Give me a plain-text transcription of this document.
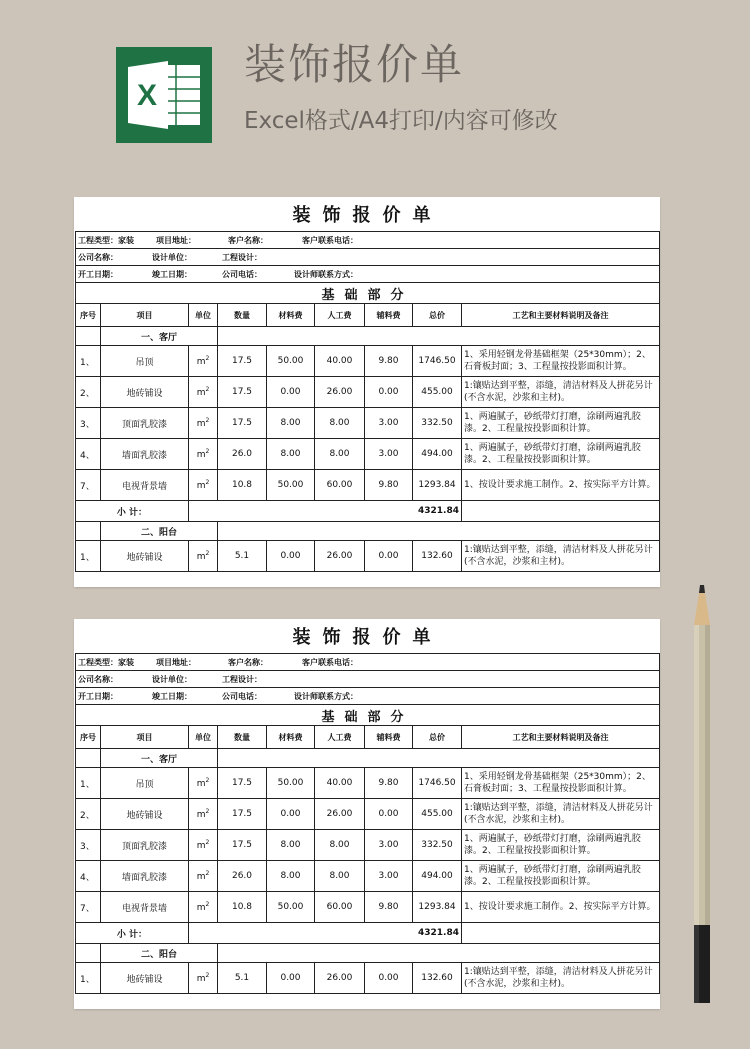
X
装饰报价单
Excel格式/A4打印/内容可修改
装饰报价单								
工程类型：家装 项目地址： 客户名称： 客户联系电话：								
公司名称： 设计单位： 工程设计：								
开工日期： 竣工日期： 公司电话： 设计师联系方式：								
基础部分								
序号	项目	单位	数量	材料费	人工费	辅料费	总价	工艺和主要材料说明及备注
	一、客厅							
1、	吊顶	$m^2$	17.5	50.00	40.00	9.80	1746.50	1、采用轻钢龙骨基础框架（25*30mm）；2、石膏板封面；3、工程量按投影面积计算。
2、	地砖铺设	$m^2$	17.5	0.00	26.00	0.00	455.00	1:镶贴达到平整，添缝，清洁材料及人拼花另计(不含水泥，沙浆和主材)。
3、	顶面乳胶漆	$m^2$	17.5	8.00	8.00	3.00	332.50	1、两遍腻子，砂纸带灯打磨，涂刷两遍乳胶漆。2、工程量按投影面积计算。
4、	墙面乳胶漆	$m^2$	26.0	8.00	8.00	3.00	494.00	1、两遍腻子，砂纸带灯打磨，涂刷两遍乳胶漆。2、工程量按投影面积计算。
7、	电视背景墙	$m^2$	10.8	50.00	60.00	9.80	1293.84	1、按设计要求施工制作。2、按实际平方计算。
小 计：		4321.84						
	二、阳台							
1、	地砖铺设	$m^2$	5.1	0.00	26.00	0.00	132.60	1:镶贴达到平整，添缝，清洁材料及人拼花另计(不含水泥，沙浆和主材)。
装饰报价单								
工程类型：家装 项目地址： 客户名称： 客户联系电话：								
公司名称： 设计单位： 工程设计：								
开工日期： 竣工日期： 公司电话： 设计师联系方式：								
基础部分								
序号	项目	单位	数量	材料费	人工费	辅料费	总价	工艺和主要材料说明及备注
	一、客厅							
1、	吊顶	$m^2$	17.5	50.00	40.00	9.80	1746.50	1、采用轻钢龙骨基础框架（25*30mm）；2、石膏板封面；3、工程量按投影面积计算。
2、	地砖铺设	$m^2$	17.5	0.00	26.00	0.00	455.00	1:镶贴达到平整，添缝，清洁材料及人拼花另计(不含水泥，沙浆和主材)。
3、	顶面乳胶漆	$m^2$	17.5	8.00	8.00	3.00	332.50	1、两遍腻子，砂纸带灯打磨，涂刷两遍乳胶漆。2、工程量按投影面积计算。
4、	墙面乳胶漆	$m^2$	26.0	8.00	8.00	3.00	494.00	1、两遍腻子，砂纸带灯打磨，涂刷两遍乳胶漆。2、工程量按投影面积计算。
7、	电视背景墙	$m^2$	10.8	50.00	60.00	9.80	1293.84	1、按设计要求施工制作。2、按实际平方计算。
小 计：		4321.84						
	二、阳台							
1、	地砖铺设	$m^2$	5.1	0.00	26.00	0.00	132.60	1:镶贴达到平整，添缝，清洁材料及人拼花另计(不含水泥，沙浆和主材)。
